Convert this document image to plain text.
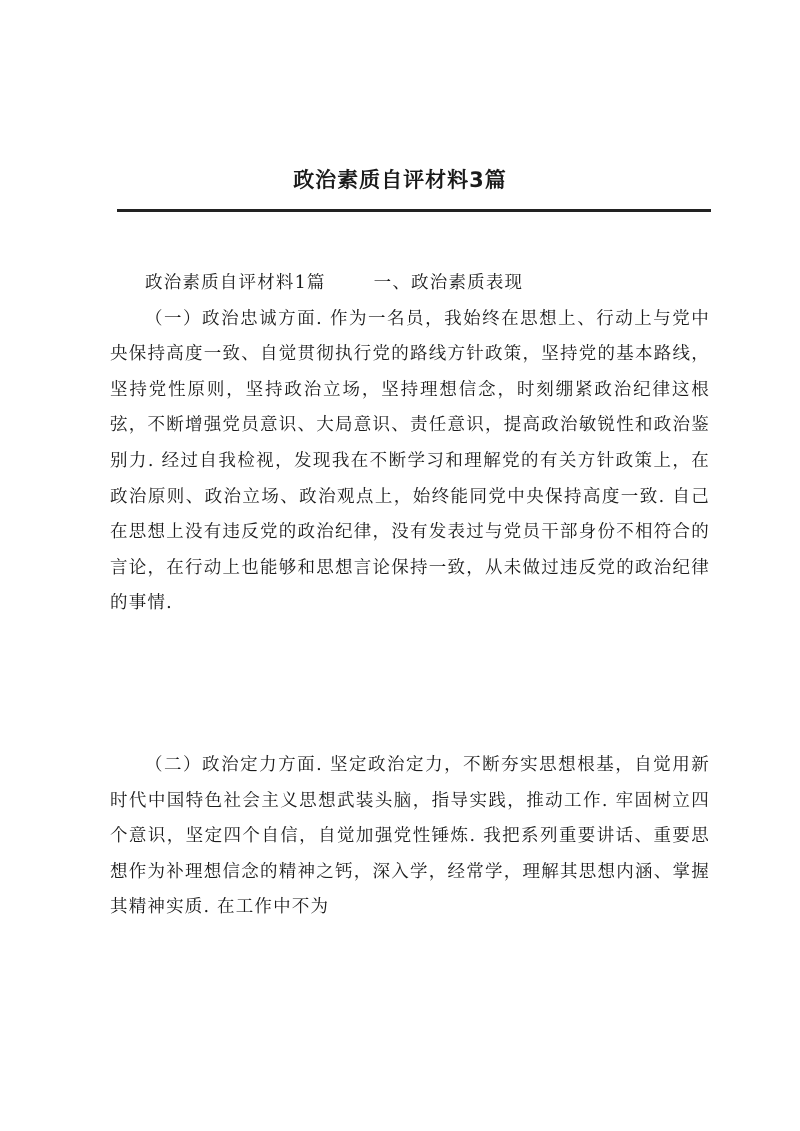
政治素质自评材料3篇

政治素质自评材料1篇	一、政治素质表现

（一）政治忠诚方面. 作为一名员，我始终在思想上、行动上与党中央保持高度一致、自觉贯彻执行党的路线方针政策，坚持党的基本路线，坚持党性原则，坚持政治立场，坚持理想信念，时刻绷紧政治纪律这根弦，不断增强党员意识、大局意识、责任意识，提高政治敏锐性和政治鉴别力. 经过自我检视，发现我在不断学习和理解党的有关方针政策上，在政治原则、政治立场、政治观点上，始终能同党中央保持高度一致. 自己在思想上没有违反党的政治纪律，没有发表过与党员干部身份不相符合的言论，在行动上也能够和思想言论保持一致，从未做过违反党的政治纪律的事情.

（二）政治定力方面. 坚定政治定力，不断夯实思想根基，自觉用新时代中国特色社会主义思想武装头脑，指导实践，推动工作. 牢固树立四个意识，坚定四个自信，自觉加强党性锤炼. 我把系列重要讲话、重要思想作为补理想信念的精神之钙，深入学，经常学，理解其思想内涵、掌握其精神实质. 在工作中不为
